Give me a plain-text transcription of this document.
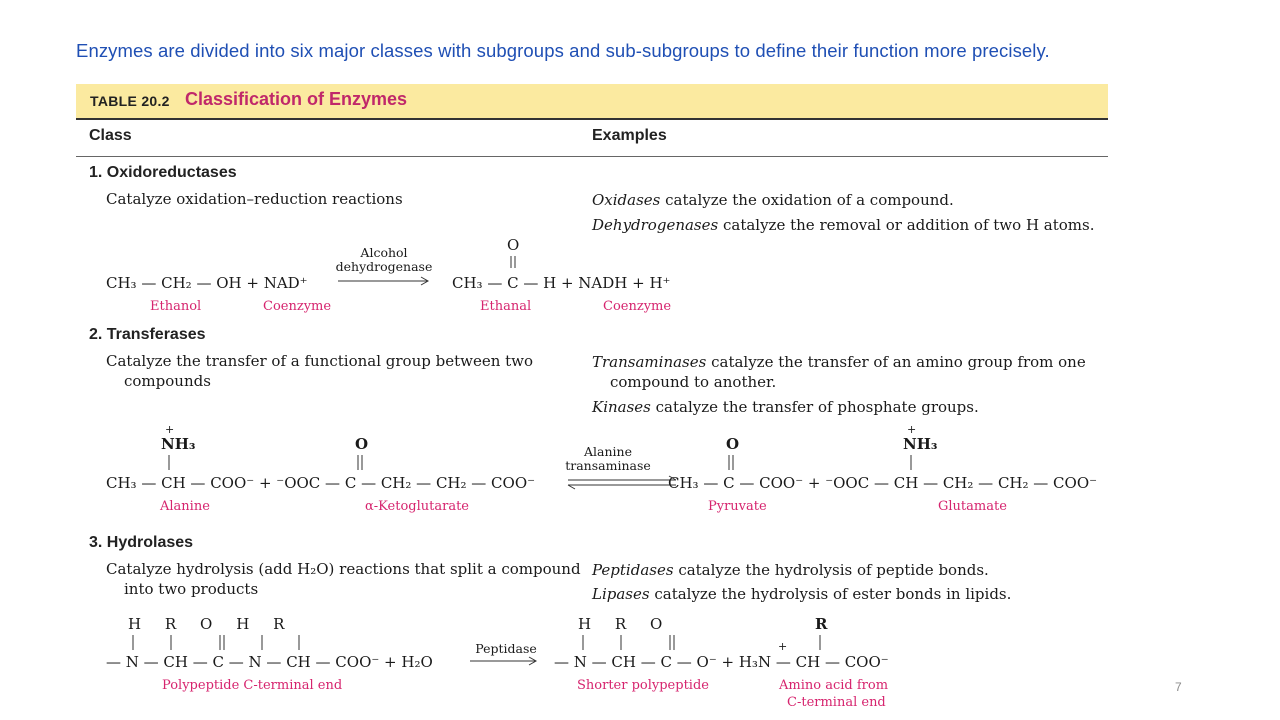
Enzymes are divided into six major classes with subgroups and sub-subgroups to define their function more precisely.
TABLE 20.2 Classification of Enzymes
Class	Examples
1. Oxidoreductases
Catalyze oxidation–reduction reactions	Oxidases catalyze the oxidation of a compound.
Dehydrogenases catalyze the removal or addition of two H atoms.
O
CH₃ — CH₂ — OH + NAD⁺
Alcohol
dehydrogenase
CH₃ — C — H + NADH + H⁺
Ethanol	Coenzyme	Ethanal	Coenzyme
2. Transferases
Catalyze the transfer of a functional group between two
compounds
Transaminases catalyze the transfer of an amino group from one
compound to another.
Kinases catalyze the transfer of phosphate groups.
+
NH₃	O	O
+
NH₃
CH₃ — CH — COO⁻ + ⁻OOC — C — CH₂ — CH₂ — COO⁻
Alanine
transaminase
CH₃ — C — COO⁻ + ⁻OOC — CH — CH₂ — CH₂ — COO⁻
Alanine	α-Ketoglutarate	Pyruvate	Glutamate
3. Hydrolases
Catalyze hydrolysis (add H₂O) reactions that split a compound
into two products
Peptidases catalyze the hydrolysis of peptide bonds.
Lipases catalyze the hydrolysis of ester bonds in lipids.
H     R     O     H     R	H     R     O
+
R
— N — CH — C — N — CH — COO⁻ + H₂O
Peptidase
— N — CH — C — O⁻ + H₃N — CH — COO⁻
Polypeptide C-terminal end	Shorter polypeptide	Amino acid from
C-terminal end
7
